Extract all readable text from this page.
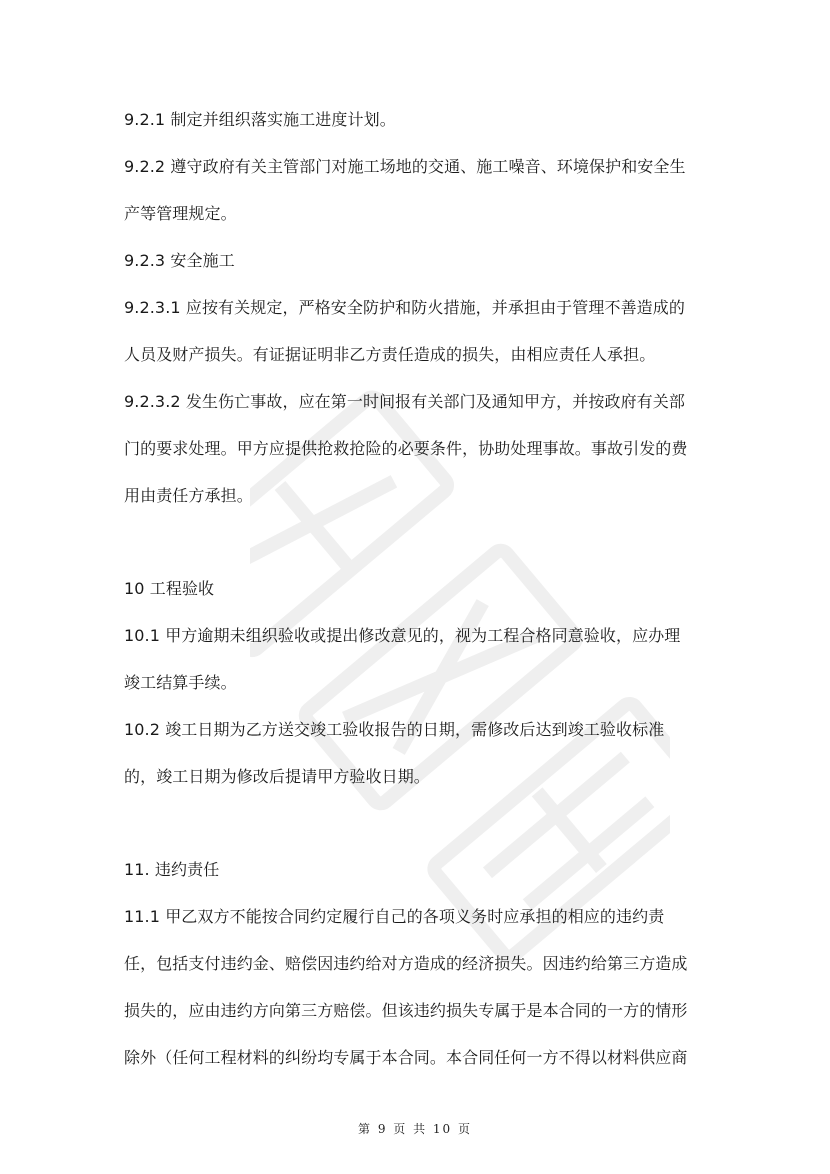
9.2.1 制定并组织落实施工进度计划。
9.2.2 遵守政府有关主管部门对施工场地的交通、施工噪音、环境保护和安全生
产等管理规定。
9.2.3 安全施工
9.2.3.1 应按有关规定，严格安全防护和防火措施，并承担由于管理不善造成的
人员及财产损失。有证据证明非乙方责任造成的损失，由相应责任人承担。
9.2.3.2 发生伤亡事故，应在第一时间报有关部门及通知甲方，并按政府有关部
门的要求处理。甲方应提供抢救抢险的必要条件，协助处理事故。事故引发的费
用由责任方承担。
10 工程验收
10.1 甲方逾期未组织验收或提出修改意见的，视为工程合格同意验收，应办理
竣工结算手续。
10.2 竣工日期为乙方送交竣工验收报告的日期，需修改后达到竣工验收标准
的，竣工日期为修改后提请甲方验收日期。
11. 违约责任
11.1 甲乙双方不能按合同约定履行自己的各项义务时应承担的相应的违约责
任，包括支付违约金、赔偿因违约给对方造成的经济损失。因违约给第三方造成
损失的，应由违约方向第三方赔偿。但该违约损失专属于是本合同的一方的情形
除外（任何工程材料的纠纷均专属于本合同。本合同任何一方不得以材料供应商
第 9 页 共 10 页
